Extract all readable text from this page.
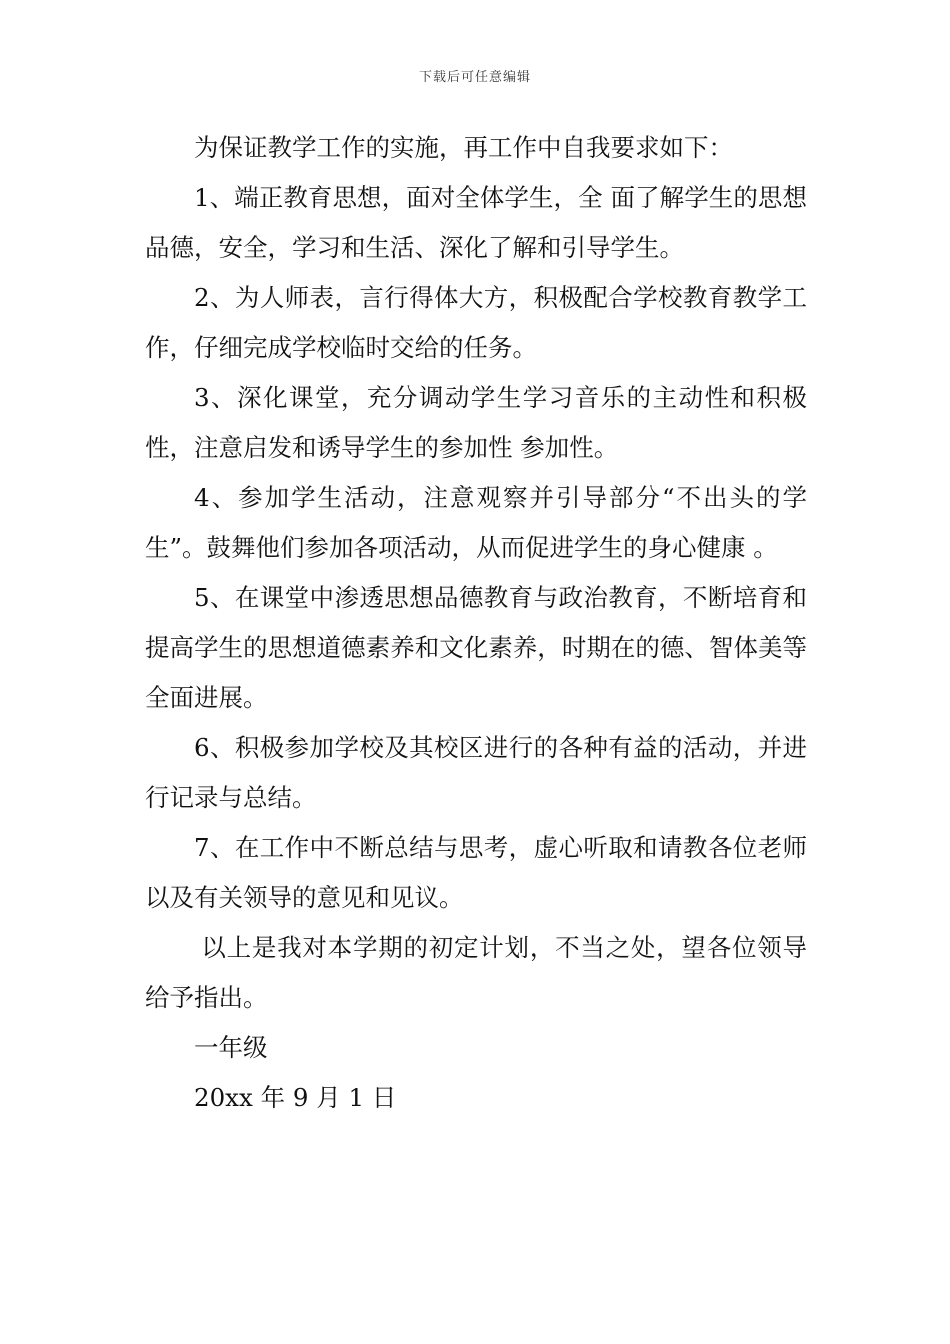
下载后可任意编辑

为保证教学工作的实施，再工作中自我要求如下：

1、端正教育思想，面对全体学生，全 面了解学生的思想品德，安全，学习和生活、深化了解和引导学生。

2、为人师表，言行得体大方，积极配合学校教育教学工作，仔细完成学校临时交给的任务。

3、深化课堂，充分调动学生学习音乐的主动性和积极性，注意启发和诱导学生的参加性 参加性。

4、参加学生活动，注意观察并引导部分“不出头的学生”。鼓舞他们参加各项活动，从而促进学生的身心健康 。

5、在课堂中渗透思想品德教育与政治教育，不断培育和提高学生的思想道德素养和文化素养，时期在的德、智体美等全面进展。

6、积极参加学校及其校区进行的各种有益的活动，并进行记录与总结。

7、在工作中不断总结与思考，虚心听取和请教各位老师以及有关领导的意见和见议。

以上是我对本学期的初定计划，不当之处，望各位领导给予指出。

一年级

20xx 年 9 月 1 日
